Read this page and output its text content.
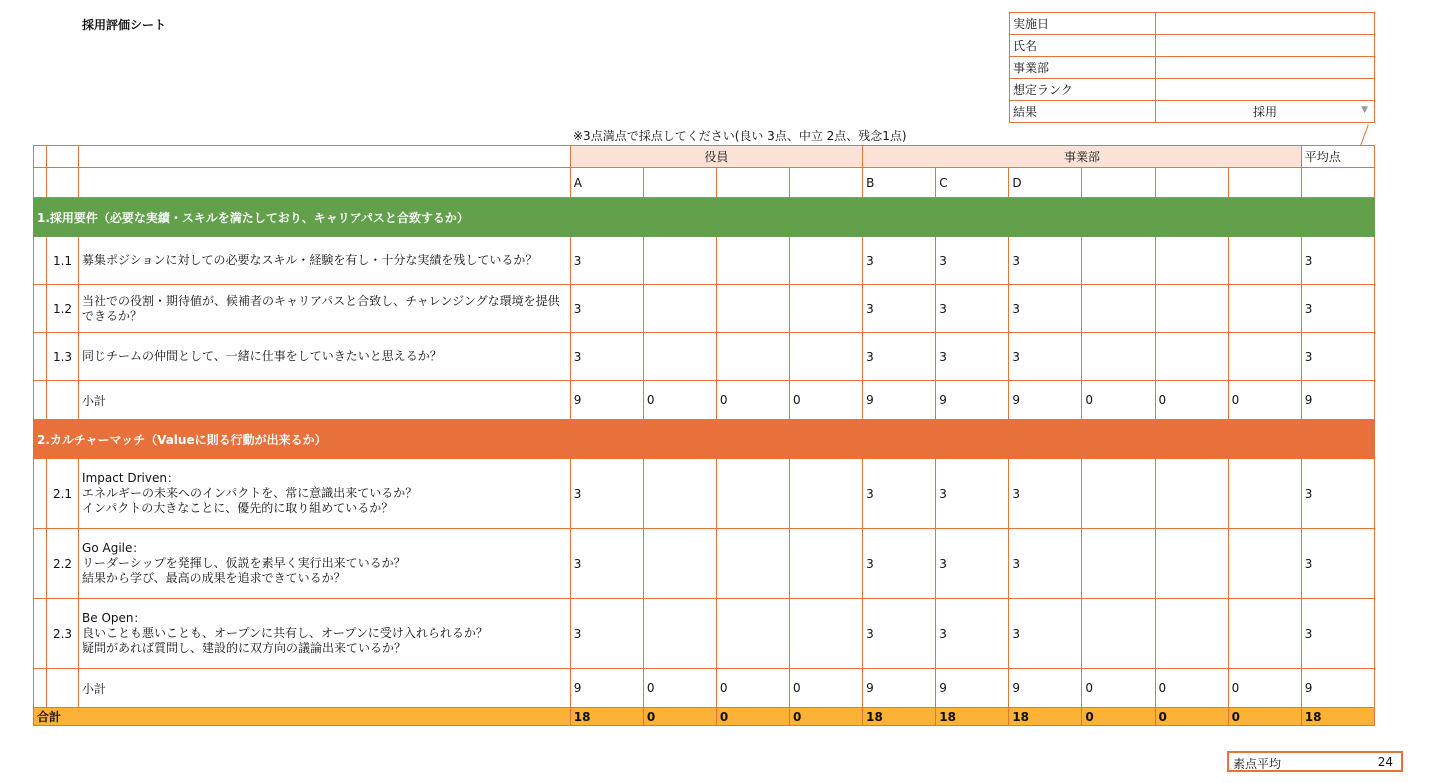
採用評価シート	実施日	
氏名	
事業部	
想定ランク	
結果	採用 ▼
※3点満点で採点してください(良い 3点、中立 2点、残念1点)
			役員				事業部						平均点
			A				B	C	D				
1.採用要件（必要な実績・スキルを満たしており、キャリアパスと合致するか）													
	1.1	募集ポジションに対しての必要なスキル・経験を有し・十分な実績を残しているか？	3				3	3	3				3
	1.2	当社での役割・期待値が、候補者のキャリアパスと合致し、チャレンジングな環境を提供できるか？	3				3	3	3				3
	1.3	同じチームの仲間として、一緒に仕事をしていきたいと思えるか？	3				3	3	3				3
		小計	9	0	0	0	9	9	9	0	0	0	9
2.カルチャーマッチ（Valueに則る行動が出来るか）													
	2.1	Impact Driven：
エネルギーの未来へのインパクトを、常に意識出来ているか？
インパクトの大きなことに、優先的に取り組めているか？	3				3	3	3				3
	2.2	Go Agile：
リーダーシップを発揮し、仮説を素早く実行出来ているか？
結果から学び、最高の成果を追求できているか？	3				3	3	3				3
	2.3	Be Open：
良いことも悪いことも、オープンに共有し、オープンに受け入れられるか？
疑問があれば質問し、建設的に双方向の議論出来ているか？	3				3	3	3				3
		小計	9	0	0	0	9	9	9	0	0	0	9
合計			18	0	0	0	18	18	18	0	0	0	18
素点平均	24
